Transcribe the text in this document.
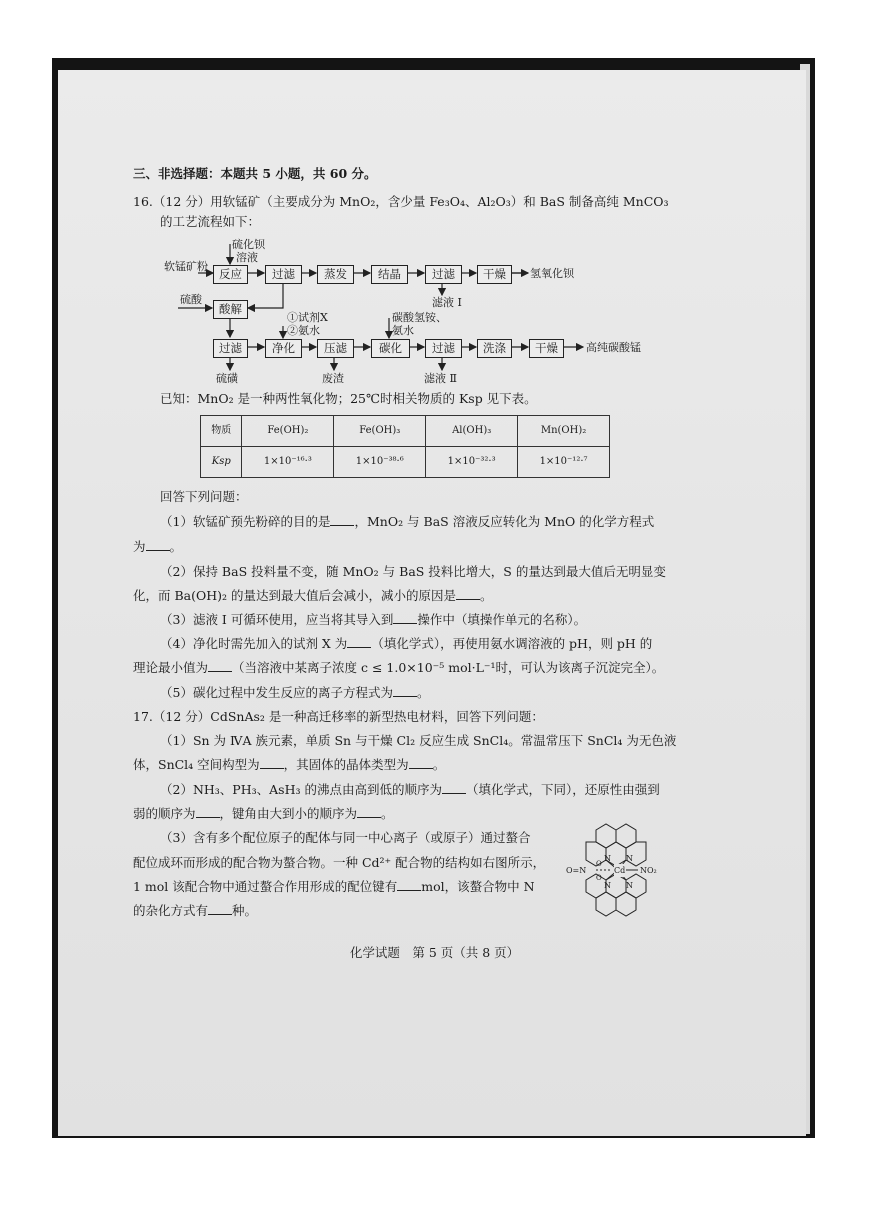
三、非选择题：本题共 5 小题，共 60 分。
16.（12 分）用软锰矿（主要成分为 MnO₂，含少量 Fe₃O₄、Al₂O₃）和 BaS 制备高纯 MnCO₃
的工艺流程如下：
软锰矿粉
硫化钡
溶液
反应	过滤	蒸发	结晶	过滤	干燥	氢氧化钡
滤液 I
硫酸
酸解
①试剂X
②氨水
碳酸氢铵、
氨水
过滤	净化	压滤	碳化	过滤	洗涤	干燥	高纯碳酸锰
硫磺	废渣	滤液 Ⅱ
已知：MnO₂ 是一种两性氧化物；25℃时相关物质的 Ksp 见下表。
物质	Fe(OH)₂	Fe(OH)₃	Al(OH)₃	Mn(OH)₂
Ksp	1×10⁻¹⁶·³	1×10⁻³⁸·⁶	1×10⁻³²·³	1×10⁻¹²·⁷
回答下列问题：
（1）软锰矿预先粉碎的目的是 ，MnO₂ 与 BaS 溶液反应转化为 MnO 的化学方程式
为 。
（2）保持 BaS 投料量不变，随 MnO₂ 与 BaS 投料比增大，S 的量达到最大值后无明显变
化，而 Ba(OH)₂ 的量达到最大值后会减小，减小的原因是 。
（3）滤液 I 可循环使用，应当将其导入到 操作中（填操作单元的名称）。
（4）净化时需先加入的试剂 X 为 （填化学式），再使用氨水调溶液的 pH，则 pH 的
理论最小值为 （当溶液中某离子浓度 c ≤ 1.0×10⁻⁵ mol·L⁻¹时，可认为该离子沉淀完全）。
（5）碳化过程中发生反应的离子方程式为 。
17.（12 分）CdSnAs₂ 是一种高迁移率的新型热电材料，回答下列问题：
（1）Sn 为 ⅣA 族元素，单质 Sn 与干燥 Cl₂ 反应生成 SnCl₄。常温常压下 SnCl₄ 为无色液
体，SnCl₄ 空间构型为 ，其固体的晶体类型为 。
（2）NH₃、PH₃、AsH₃ 的沸点由高到低的顺序为 （填化学式，下同），还原性由强到
弱的顺序为 ，键角由大到小的顺序为 。
（3）含有多个配位原子的配体与同一中心离子（或原子）通过螯合
配位成环而形成的配合物为螯合物。一种 Cd²⁺ 配合物的结构如右图所示，
1 mol 该配合物中通过螯合作用形成的配位键有 mol，该螯合物中 N
的杂化方式有 种。
N N
N N
Cd NO₂
O=N
O
O
化学试题　第 5 页（共 8 页）
